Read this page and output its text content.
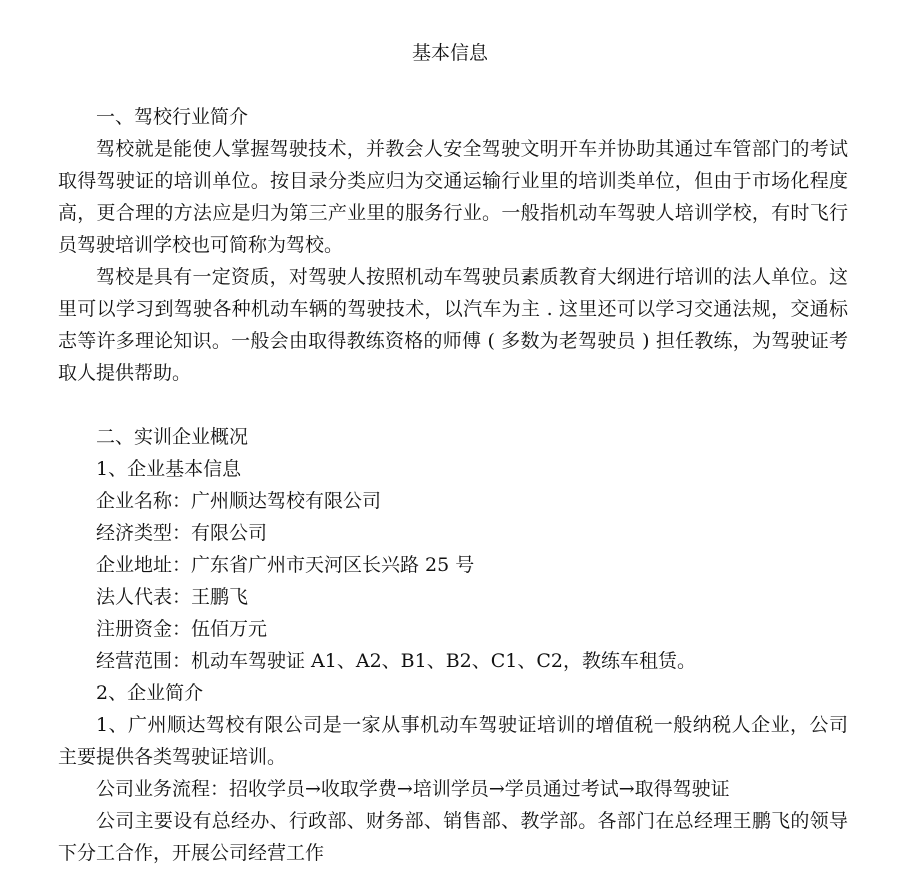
基本信息

一、驾校行业简介

驾校就是能使人掌握驾驶技术，并教会人安全驾驶文明开车并协助其通过车管部门的考试取得驾驶证的培训单位。按目录分类应归为交通运输行业里的培训类单位，但由于市场化程度高，更合理的方法应是归为第三产业里的服务行业。一般指机动车驾驶人培训学校，有时飞行员驾驶培训学校也可简称为驾校。

驾校是具有一定资质，对驾驶人按照机动车驾驶员素质教育大纲进行培训的法人单位。这里可以学习到驾驶各种机动车辆的驾驶技术，以汽车为主 . 这里还可以学习交通法规，交通标志等许多理论知识。一般会由取得教练资格的师傅 ( 多数为老驾驶员 ) 担任教练，为驾驶证考取人提供帮助。

二、实训企业概况

1、企业基本信息

企业名称：广州顺达驾校有限公司

经济类型：有限公司

企业地址：广东省广州市天河区长兴路 25 号

法人代表：王鹏飞

注册资金：伍佰万元

经营范围：机动车驾驶证 A1、A2、B1、B2、C1、C2，教练车租赁。

2、企业简介

1、广州顺达驾校有限公司是一家从事机动车驾驶证培训的增值税一般纳税人企业，公司主要提供各类驾驶证培训。

公司业务流程：招收学员→收取学费→培训学员→学员通过考试→取得驾驶证

公司主要设有总经办、行政部、财务部、销售部、教学部。各部门在总经理王鹏飞的领导下分工合作，开展公司经营工作
